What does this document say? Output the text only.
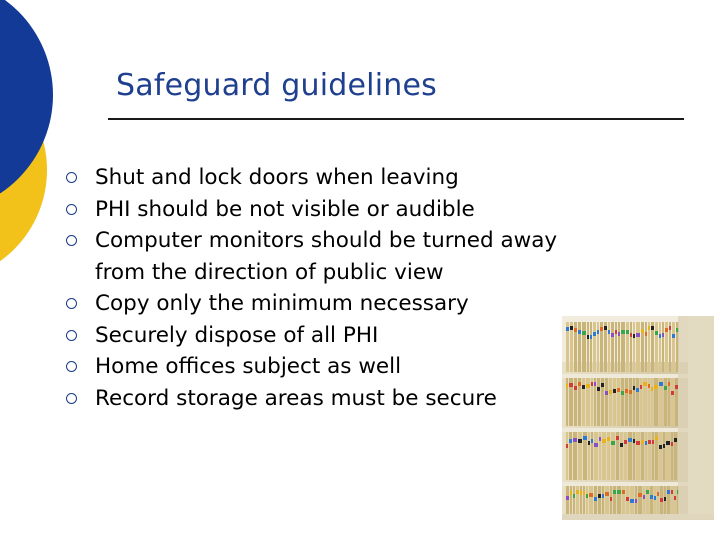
Safeguard guidelines
Shut and lock doors when leaving
PHI should be not visible or audible
Computer monitors should be turned away
from the direction of public view
Copy only the minimum necessary
Securely dispose of all PHI
Home offices subject as well
Record storage areas must be secure
